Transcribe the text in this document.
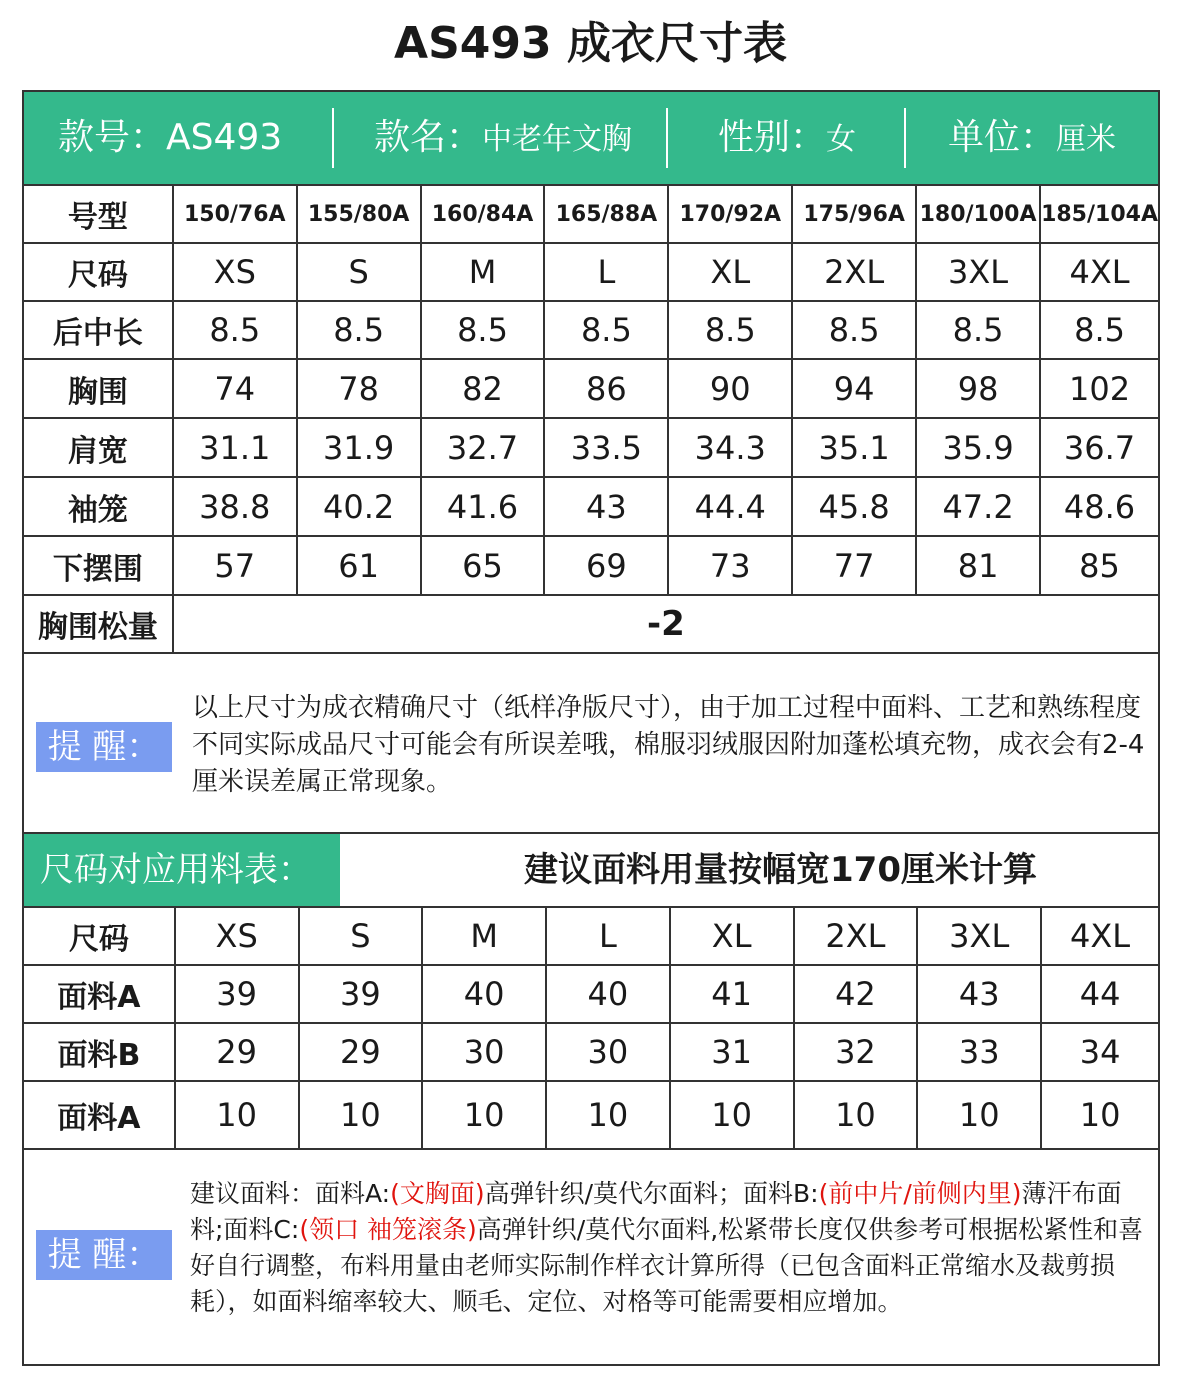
AS493 成衣尺寸表
款号：AS493	款名：中老年文胸 性别：女	单位：厘米
号型	150/76A	155/80A	160/84A	165/88A	170/92A	175/96A	180/100A	185/104A
尺码	XS	S	M	L	XL	2XL	3XL	4XL
后中长	8.5	8.5	8.5	8.5	8.5	8.5	8.5	8.5
胸围	74	78	82	86	90	94	98	102
肩宽	31.1	31.9	32.7	33.5	34.3	35.1	35.9	36.7
袖笼	38.8	40.2	41.6	43	44.4	45.8	47.2	48.6
下摆围	57	61	65	69	73	77	81	85
胸围松量	-2							
提 醒：
以上尺寸为成衣精确尺寸（纸样净版尺寸），由于加工过程中面料、工艺和熟练程度不同实际成品尺寸可能会有所误差哦，棉服羽绒服因附加蓬松填充物，成衣会有2-4厘米误差属正常现象。
尺码对应用料表：	建议面料用量按幅宽170厘米计算
尺码	XS	S	M	L	XL	2XL	3XL	4XL
面料A	39	39	40	40	41	42	43	44
面料B	29	29	30	30	31	32	33	34
面料A	10	10	10	10	10	10	10	10
提 醒：
建议面料：面料A:(文胸面)高弹针织/莫代尔面料；面料B:(前中片/前侧内里)薄汗布面料;面料C:(领口 袖笼滚条)高弹针织/莫代尔面料,松紧带长度仅供参考可根据松紧性和喜好自行调整，布料用量由老师实际制作样衣计算所得（已包含面料正常缩水及裁剪损耗），如面料缩率较大、顺毛、定位、对格等可能需要相应增加。
